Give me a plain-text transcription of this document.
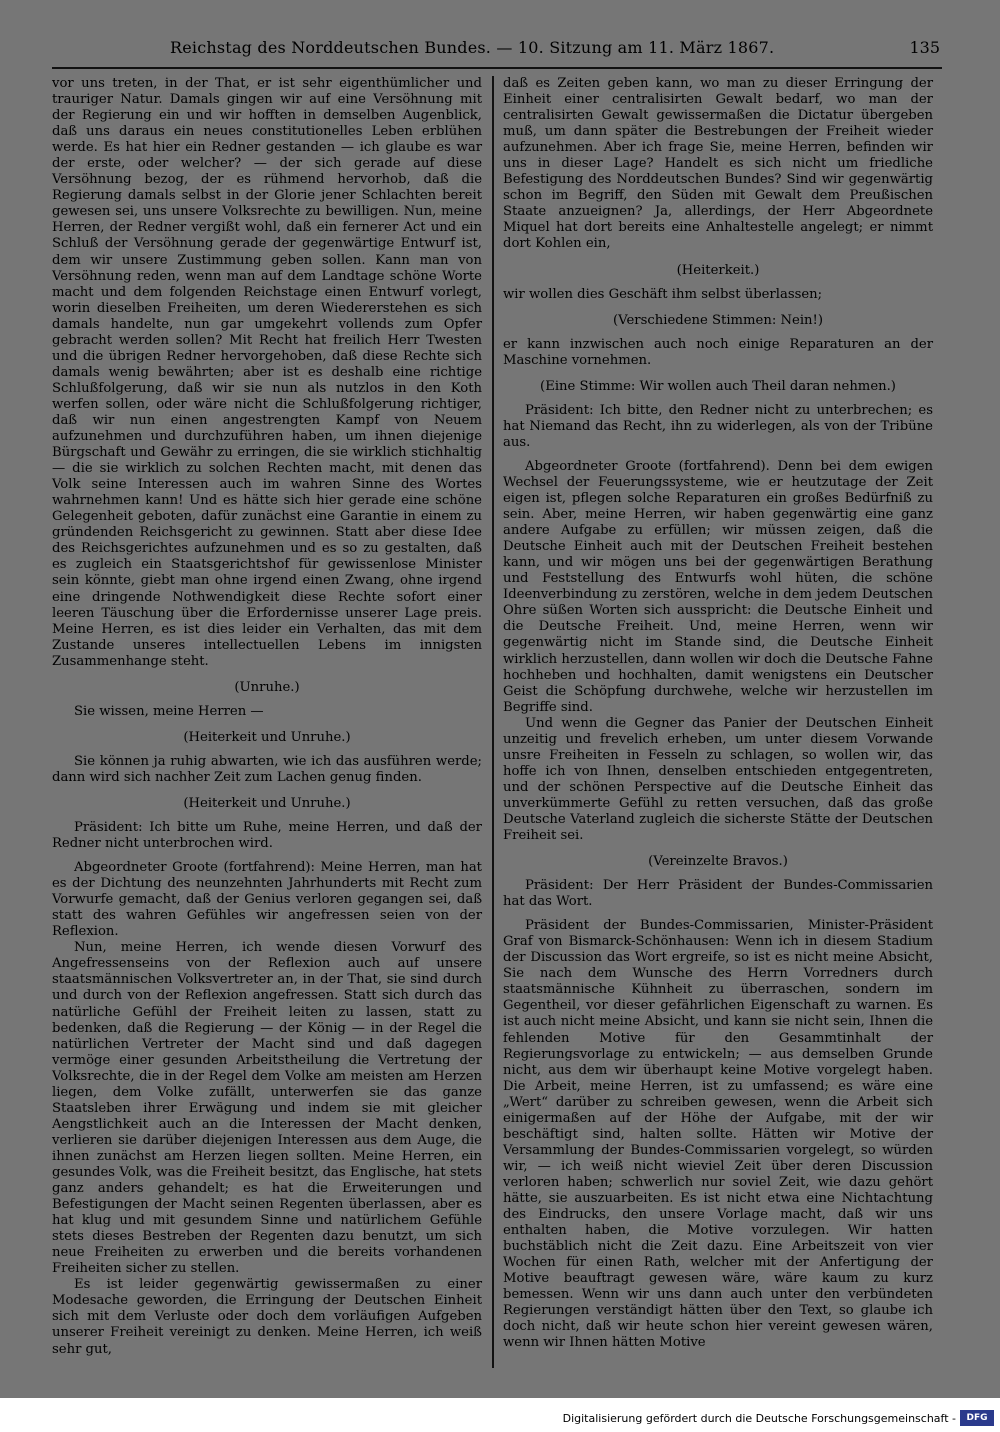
Reichstag des Norddeutschen Bundes. — 10. Sitzung am 11. März 1867.	135

vor uns treten, in der That, er ist sehr eigenthümlicher und trauriger Natur. Damals gingen wir auf eine Versöhnung mit der Regierung ein und wir hofften in demselben Augenblick, daß uns daraus ein neues constitutionelles Leben erblühen werde. Es hat hier ein Redner gestanden — ich glaube es war der erste, oder welcher? — der sich gerade auf diese Versöhnung bezog, der es rühmend hervorhob, daß die Regierung damals selbst in der Glorie jener Schlachten bereit gewesen sei, uns unsere Volksrechte zu bewilligen. Nun, meine Herren, der Redner vergißt wohl, daß ein fernerer Act und ein Schluß der Versöhnung gerade der gegenwärtige Entwurf ist, dem wir unsere Zustimmung geben sollen. Kann man von Versöhnung reden, wenn man auf dem Landtage schöne Worte macht und dem folgenden Reichstage einen Entwurf vorlegt, worin dieselben Freiheiten, um deren Wiedererstehen es sich damals handelte, nun gar umgekehrt vollends zum Opfer gebracht werden sollen? Mit Recht hat freilich Herr Twesten und die übrigen Redner hervorgehoben, daß diese Rechte sich damals wenig bewährten; aber ist es deshalb eine richtige Schlußfolgerung, daß wir sie nun als nutzlos in den Koth werfen sollen, oder wäre nicht die Schlußfolgerung richtiger, daß wir nun einen angestrengten Kampf von Neuem aufzunehmen und durchzuführen haben, um ihnen diejenige Bürgschaft und Gewähr zu erringen, die sie wirklich stichhaltig — die sie wirklich zu solchen Rechten macht, mit denen das Volk seine Interessen auch im wahren Sinne des Wortes wahrnehmen kann! Und es hätte sich hier gerade eine schöne Gelegenheit geboten, dafür zunächst eine Garantie in einem zu gründenden Reichsgericht zu gewinnen. Statt aber diese Idee des Reichsgerichtes aufzunehmen und es so zu gestalten, daß es zugleich ein Staatsgerichtshof für gewissenlose Minister sein könnte, giebt man ohne irgend einen Zwang, ohne irgend eine dringende Nothwendigkeit diese Rechte sofort einer leeren Täuschung über die Erfordernisse unserer Lage preis. Meine Herren, es ist dies leider ein Verhalten, das mit dem Zustande unseres intellectuellen Lebens im innigsten Zusammenhange steht.

(Unruhe.)

Sie wissen, meine Herren —

(Heiterkeit und Unruhe.)

Sie können ja ruhig abwarten, wie ich das ausführen werde; dann wird sich nachher Zeit zum Lachen genug finden.

(Heiterkeit und Unruhe.)

Präsident: Ich bitte um Ruhe, meine Herren, und daß der Redner nicht unterbrochen wird.

Abgeordneter Groote (fortfahrend): Meine Herren, man hat es der Dichtung des neunzehnten Jahrhunderts mit Recht zum Vorwurfe gemacht, daß der Genius verloren gegangen sei, daß statt des wahren Gefühles wir angefressen seien von der Reflexion.

Nun, meine Herren, ich wende diesen Vorwurf des Angefressenseins von der Reflexion auch auf unsere staatsmännischen Volksvertreter an, in der That, sie sind durch und durch von der Reflexion angefressen. Statt sich durch das natürliche Gefühl der Freiheit leiten zu lassen, statt zu bedenken, daß die Regierung — der König — in der Regel die natürlichen Vertreter der Macht sind und daß dagegen vermöge einer gesunden Arbeitstheilung die Vertretung der Volksrechte, die in der Regel dem Volke am meisten am Herzen liegen, dem Volke zufällt, unterwerfen sie das ganze Staatsleben ihrer Erwägung und indem sie mit gleicher Aengstlichkeit auch an die Interessen der Macht denken, verlieren sie darüber diejenigen Interessen aus dem Auge, die ihnen zunächst am Herzen liegen sollten. Meine Herren, ein gesundes Volk, was die Freiheit besitzt, das Englische, hat stets ganz anders gehandelt; es hat die Erweiterungen und Befestigungen der Macht seinen Regenten überlassen, aber es hat klug und mit gesundem Sinne und natürlichem Gefühle stets dieses Bestreben der Regenten dazu benutzt, um sich neue Freiheiten zu erwerben und die bereits vorhandenen Freiheiten sicher zu stellen.

Es ist leider gegenwärtig gewissermaßen zu einer Modesache geworden, die Erringung der Deutschen Einheit sich mit dem Verluste oder doch dem vorläufigen Aufgeben unserer Freiheit vereinigt zu denken. Meine Herren, ich weiß sehr gut,

daß es Zeiten geben kann, wo man zu dieser Erringung der Einheit einer centralisirten Gewalt bedarf, wo man der centralisirten Gewalt gewissermaßen die Dictatur übergeben muß, um dann später die Bestrebungen der Freiheit wieder aufzunehmen. Aber ich frage Sie, meine Herren, befinden wir uns in dieser Lage? Handelt es sich nicht um friedliche Befestigung des Norddeutschen Bundes? Sind wir gegenwärtig schon im Begriff, den Süden mit Gewalt dem Preußischen Staate anzueignen? Ja, allerdings, der Herr Abgeordnete Miquel hat dort bereits eine Anhaltestelle angelegt; er nimmt dort Kohlen ein,

(Heiterkeit.)

wir wollen dies Geschäft ihm selbst überlassen;

(Verschiedene Stimmen: Nein!)

er kann inzwischen auch noch einige Reparaturen an der Maschine vornehmen.

(Eine Stimme: Wir wollen auch Theil daran nehmen.)

Präsident: Ich bitte, den Redner nicht zu unterbrechen; es hat Niemand das Recht, ihn zu widerlegen, als von der Tribüne aus.

Abgeordneter Groote (fortfahrend). Denn bei dem ewigen Wechsel der Feuerungssysteme, wie er heutzutage der Zeit eigen ist, pflegen solche Reparaturen ein großes Bedürfniß zu sein. Aber, meine Herren, wir haben gegenwärtig eine ganz andere Aufgabe zu erfüllen; wir müssen zeigen, daß die Deutsche Einheit auch mit der Deutschen Freiheit bestehen kann, und wir mögen uns bei der gegenwärtigen Berathung und Feststellung des Entwurfs wohl hüten, die schöne Ideenverbindung zu zerstören, welche in dem jedem Deutschen Ohre süßen Worten sich ausspricht: die Deutsche Einheit und die Deutsche Freiheit. Und, meine Herren, wenn wir gegenwärtig nicht im Stande sind, die Deutsche Einheit wirklich herzustellen, dann wollen wir doch die Deutsche Fahne hochheben und hochhalten, damit wenigstens ein Deutscher Geist die Schöpfung durchwehe, welche wir herzustellen im Begriffe sind.

Und wenn die Gegner das Panier der Deutschen Einheit unzeitig und frevelich erheben, um unter diesem Vorwande unsre Freiheiten in Fesseln zu schlagen, so wollen wir, das hoffe ich von Ihnen, denselben entschieden entgegentreten, und der schönen Perspective auf die Deutsche Einheit das unverkümmerte Gefühl zu retten versuchen, daß das große Deutsche Vaterland zugleich die sicherste Stätte der Deutschen Freiheit sei.

(Vereinzelte Bravos.)

Präsident: Der Herr Präsident der Bundes-Commissarien hat das Wort.

Präsident der Bundes-Commissarien, Minister-Präsident Graf von Bismarck-Schönhausen: Wenn ich in diesem Stadium der Discussion das Wort ergreife, so ist es nicht meine Absicht, Sie nach dem Wunsche des Herrn Vorredners durch staatsmännische Kühnheit zu überraschen, sondern im Gegentheil, vor dieser gefährlichen Eigenschaft zu warnen. Es ist auch nicht meine Absicht, und kann sie nicht sein, Ihnen die fehlenden Motive für den Gesammtinhalt der Regierungsvorlage zu entwickeln; — aus demselben Grunde nicht, aus dem wir überhaupt keine Motive vorgelegt haben. Die Arbeit, meine Herren, ist zu umfassend; es wäre eine „Wert“ darüber zu schreiben gewesen, wenn die Arbeit sich einigermaßen auf der Höhe der Aufgabe, mit der wir beschäftigt sind, halten sollte. Hätten wir Motive der Versammlung der Bundes-Commissarien vorgelegt, so würden wir, — ich weiß nicht wieviel Zeit über deren Discussion verloren haben; schwerlich nur soviel Zeit, wie dazu gehört hätte, sie auszuarbeiten. Es ist nicht etwa eine Nichtachtung des Eindrucks, den unsere Vorlage macht, daß wir uns enthalten haben, die Motive vorzulegen. Wir hatten buchstäblich nicht die Zeit dazu. Eine Arbeitszeit von vier Wochen für einen Rath, welcher mit der Anfertigung der Motive beauftragt gewesen wäre, wäre kaum zu kurz bemessen. Wenn wir uns dann auch unter den verbündeten Regierungen verständigt hätten über den Text, so glaube ich doch nicht, daß wir heute schon hier vereint gewesen wären, wenn wir Ihnen hätten Motive

Digitalisierung gefördert durch die Deutsche Forschungsgemeinschaft -	DFG
